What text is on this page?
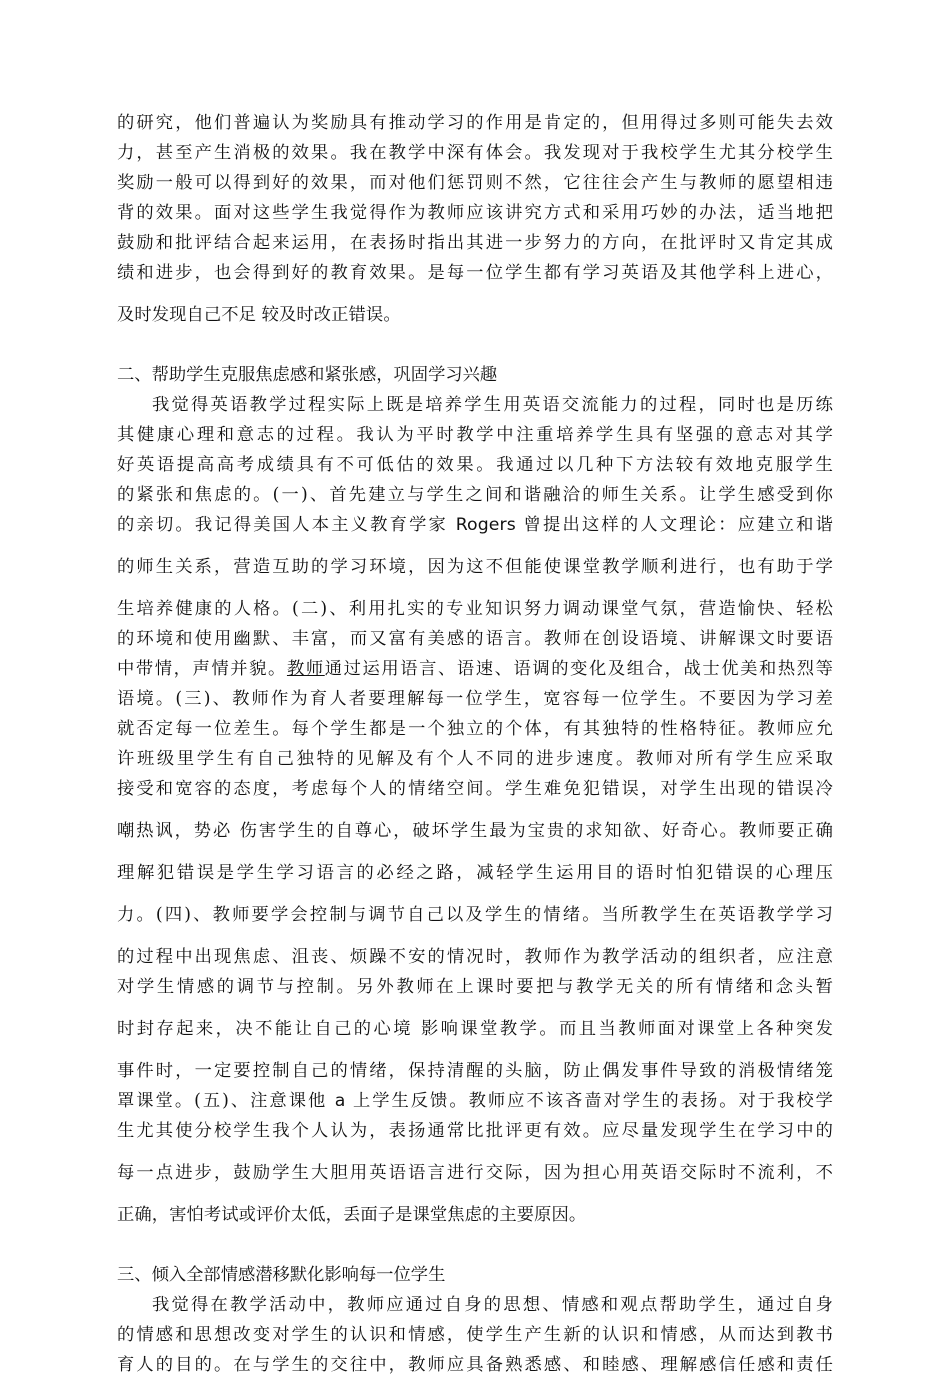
的研究，他们普遍认为奖励具有推动学习的作用是肯定的，但用得过多则可能失去效
力，甚至产生消极的效果。我在教学中深有体会。我发现对于我校学生尤其分校学生
奖励一般可以得到好的效果，而对他们惩罚则不然，它往往会产生与教师的愿望相违
背的效果。面对这些学生我觉得作为教师应该讲究方式和采用巧妙的办法，适当地把
鼓励和批评结合起来运用，在表扬时指出其进一步努力的方向，在批评时又肯定其成
绩和进步，也会得到好的教育效果。是每一位学生都有学习英语及其他学科上进心，
及时发现自己不足 较及时改正错误。
二、帮助学生克服焦虑感和紧张感，巩固学习兴趣
我觉得英语教学过程实际上既是培养学生用英语交流能力的过程，同时也是历练
其健康心理和意志的过程。我认为平时教学中注重培养学生具有坚强的意志对其学
好英语提高高考成绩具有不可低估的效果。我通过以几种下方法较有效地克服学生
的紧张和焦虑的。(一)、首先建立与学生之间和谐融洽的师生关系。让学生感受到你
的亲切。我记得美国人本主义教育学家 Rogers 曾提出这样的人文理论：应建立和谐
的师生关系，营造互助的学习环境，因为这不但能使课堂教学顺利进行，也有助于学
生培养健康的人格。(二)、利用扎实的专业知识努力调动课堂气氛，营造愉快、轻松
的环境和使用幽默、丰富，而又富有美感的语言。教师在创设语境、讲解课文时要语
中带情，声情并貌。教师通过运用语言、语速、语调的变化及组合，战士优美和热烈等
语境。(三)、教师作为育人者要理解每一位学生，宽容每一位学生。不要因为学习差
就否定每一位差生。每个学生都是一个独立的个体，有其独特的性格特征。教师应允
许班级里学生有自己独特的见解及有个人不同的进步速度。教师对所有学生应采取
接受和宽容的态度，考虑每个人的情绪空间。学生难免犯错误，对学生出现的错误冷
嘲热讽，势必 伤害学生的自尊心，破坏学生最为宝贵的求知欲、好奇心。教师要正确
理解犯错误是学生学习语言的必经之路，减轻学生运用目的语时怕犯错误的心理压
力。(四)、教师要学会控制与调节自己以及学生的情绪。当所教学生在英语教学学习
的过程中出现焦虑、沮丧、烦躁不安的情况时，教师作为教学活动的组织者，应注意
对学生情感的调节与控制。另外教师在上课时要把与教学无关的所有情绪和念头暂
时封存起来，决不能让自己的心境 影响课堂教学。而且当教师面对课堂上各种突发
事件时，一定要控制自己的情绪，保持清醒的头脑，防止偶发事件导致的消极情绪笼
罩课堂。(五)、注意课他 a 上学生反馈。教师应不该吝啬对学生的表扬。对于我校学
生尤其使分校学生我个人认为，表扬通常比批评更有效。应尽量发现学生在学习中的
每一点进步，鼓励学生大胆用英语语言进行交际，因为担心用英语交际时不流利，不
正确，害怕考试或评价太低，丢面子是课堂焦虑的主要原因。
三、倾入全部情感潜移默化影响每一位学生
我觉得在教学活动中，教师应通过自身的思想、情感和观点帮助学生，通过自身
的情感和思想改变对学生的认识和情感，使学生产生新的认识和情感，从而达到教书
育人的目的。在与学生的交往中，教师应具备熟悉感、和睦感、理解感信任感和责任
